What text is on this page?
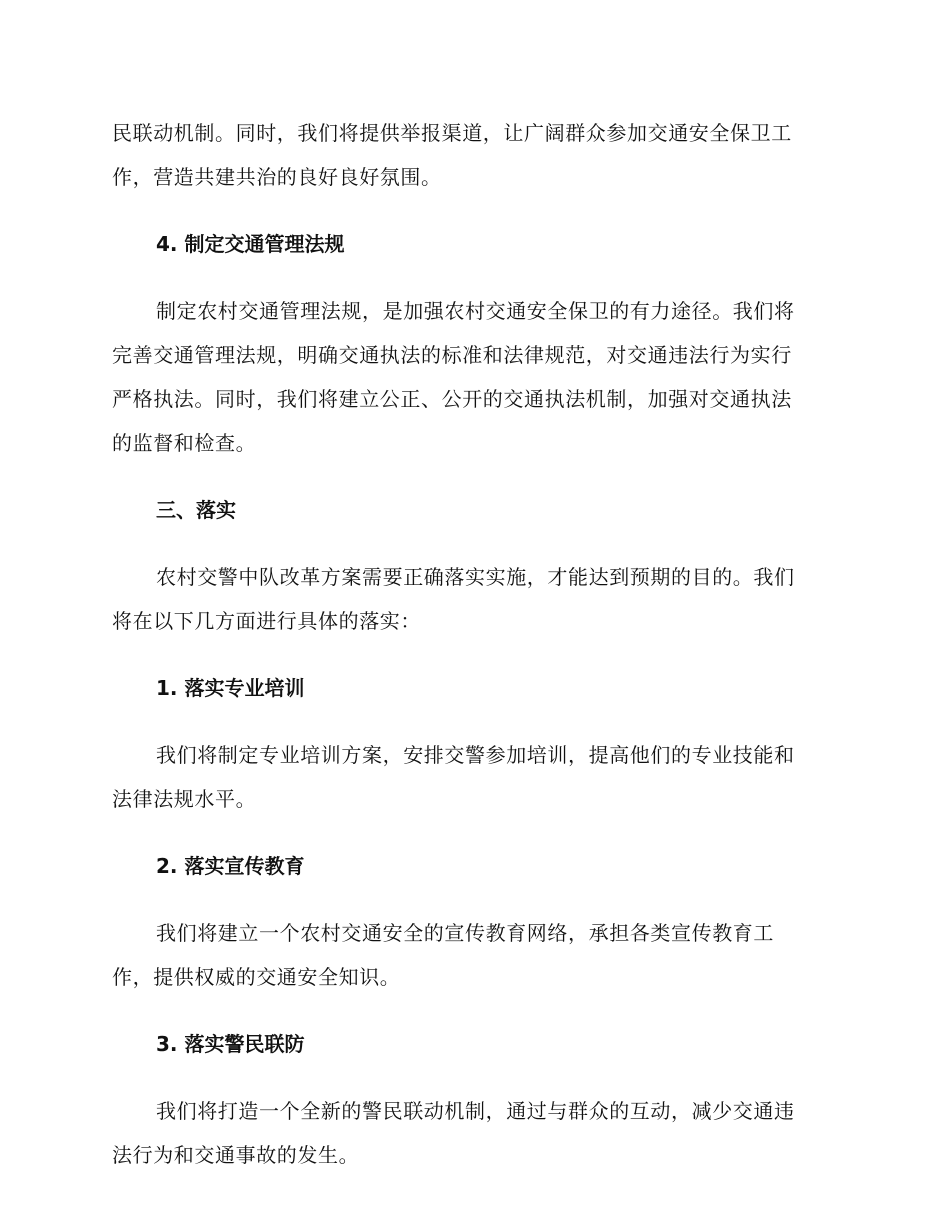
民联动机制。同时，我们将提供举报渠道，让广阔群众参加交通安全保卫工
作，营造共建共治的良好良好氛围。
4. 制定交通管理法规
制定农村交通管理法规，是加强农村交通安全保卫的有力途径。我们将
完善交通管理法规，明确交通执法的标准和法律规范，对交通违法行为实行
严格执法。同时，我们将建立公正、公开的交通执法机制，加强对交通执法
的监督和检查。
三、落实
农村交警中队改革方案需要正确落实实施，才能达到预期的目的。我们
将在以下几方面进行具体的落实：
1. 落实专业培训
我们将制定专业培训方案，安排交警参加培训，提高他们的专业技能和
法律法规水平。
2. 落实宣传教育
我们将建立一个农村交通安全的宣传教育网络，承担各类宣传教育工
作，提供权威的交通安全知识。
3. 落实警民联防
我们将打造一个全新的警民联动机制，通过与群众的互动，减少交通违
法行为和交通事故的发生。
